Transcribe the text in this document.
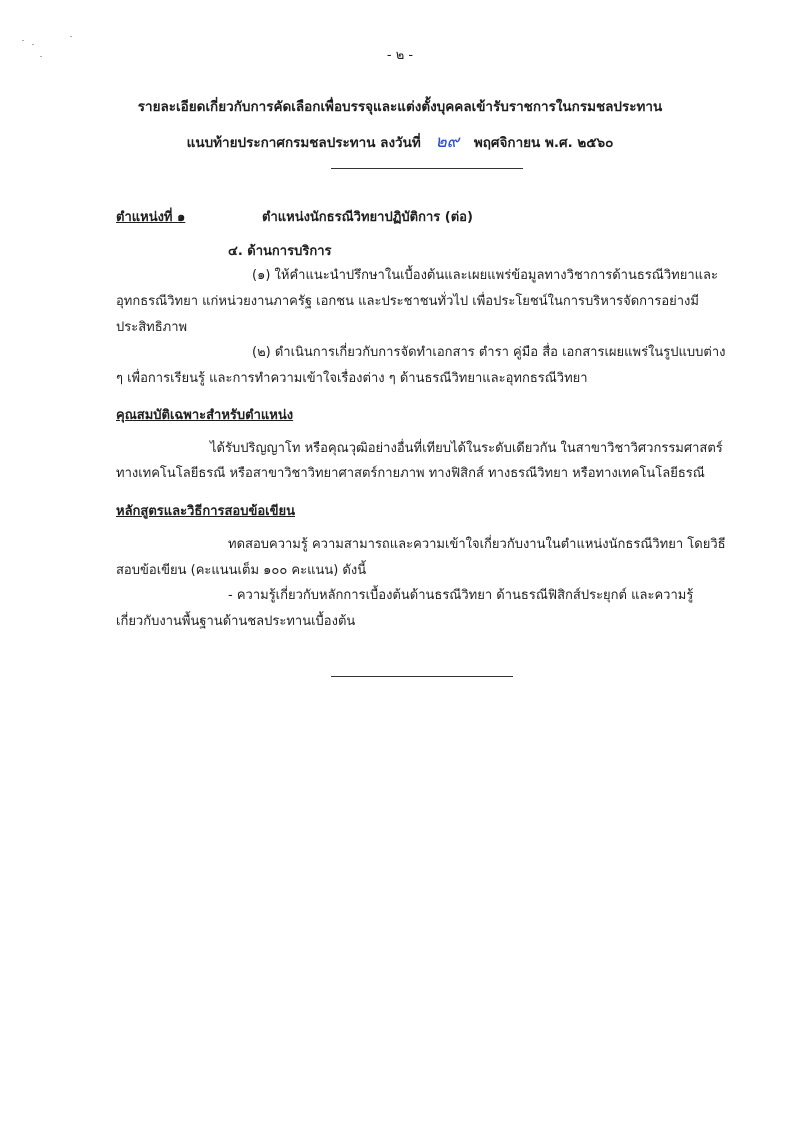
- ๒ -
รายละเอียดเกี่ยวกับการคัดเลือกเพื่อบรรจุและแต่งตั้งบุคคลเข้ารับราชการในกรมชลประทาน
แนบท้ายประกาศกรมชลประทาน ลงวันที่ ๒๙ พฤศจิกายน พ.ศ. ๒๕๖๐
ตำแหน่งที่ ๑	ตำแหน่งนักธรณีวิทยาปฏิบัติการ (ต่อ)
๔. ด้านการบริการ
(๑) ให้คำแนะนำปรึกษาในเบื้องต้นและเผยแพร่ข้อมูลทางวิชาการด้านธรณีวิทยาและ
อุทกธรณีวิทยา แก่หน่วยงานภาครัฐ เอกชน และประชาชนทั่วไป เพื่อประโยชน์ในการบริหารจัดการอย่างมี
ประสิทธิภาพ
(๒) ดำเนินการเกี่ยวกับการจัดทำเอกสาร ตำรา คู่มือ สื่อ เอกสารเผยแพร่ในรูปแบบต่าง
ๆ เพื่อการเรียนรู้ และการทำความเข้าใจเรื่องต่าง ๆ ด้านธรณีวิทยาและอุทกธรณีวิทยา
คุณสมบัติเฉพาะสำหรับตำแหน่ง
ได้รับปริญญาโท หรือคุณวุฒิอย่างอื่นที่เทียบได้ในระดับเดียวกัน ในสาขาวิชาวิศวกรรมศาสตร์
ทางเทคโนโลยีธรณี หรือสาขาวิชาวิทยาศาสตร์กายภาพ ทางฟิสิกส์ ทางธรณีวิทยา หรือทางเทคโนโลยีธรณี
หลักสูตรและวิธีการสอบข้อเขียน
ทดสอบความรู้ ความสามารถและความเข้าใจเกี่ยวกับงานในตำแหน่งนักธรณีวิทยา โดยวิธี
สอบข้อเขียน (คะแนนเต็ม ๑๐๐ คะแนน) ดังนี้
- ความรู้เกี่ยวกับหลักการเบื้องต้นด้านธรณีวิทยา ด้านธรณีฟิสิกส์ประยุกต์ และความรู้
เกี่ยวกับงานพื้นฐานด้านชลประทานเบื้องต้น
